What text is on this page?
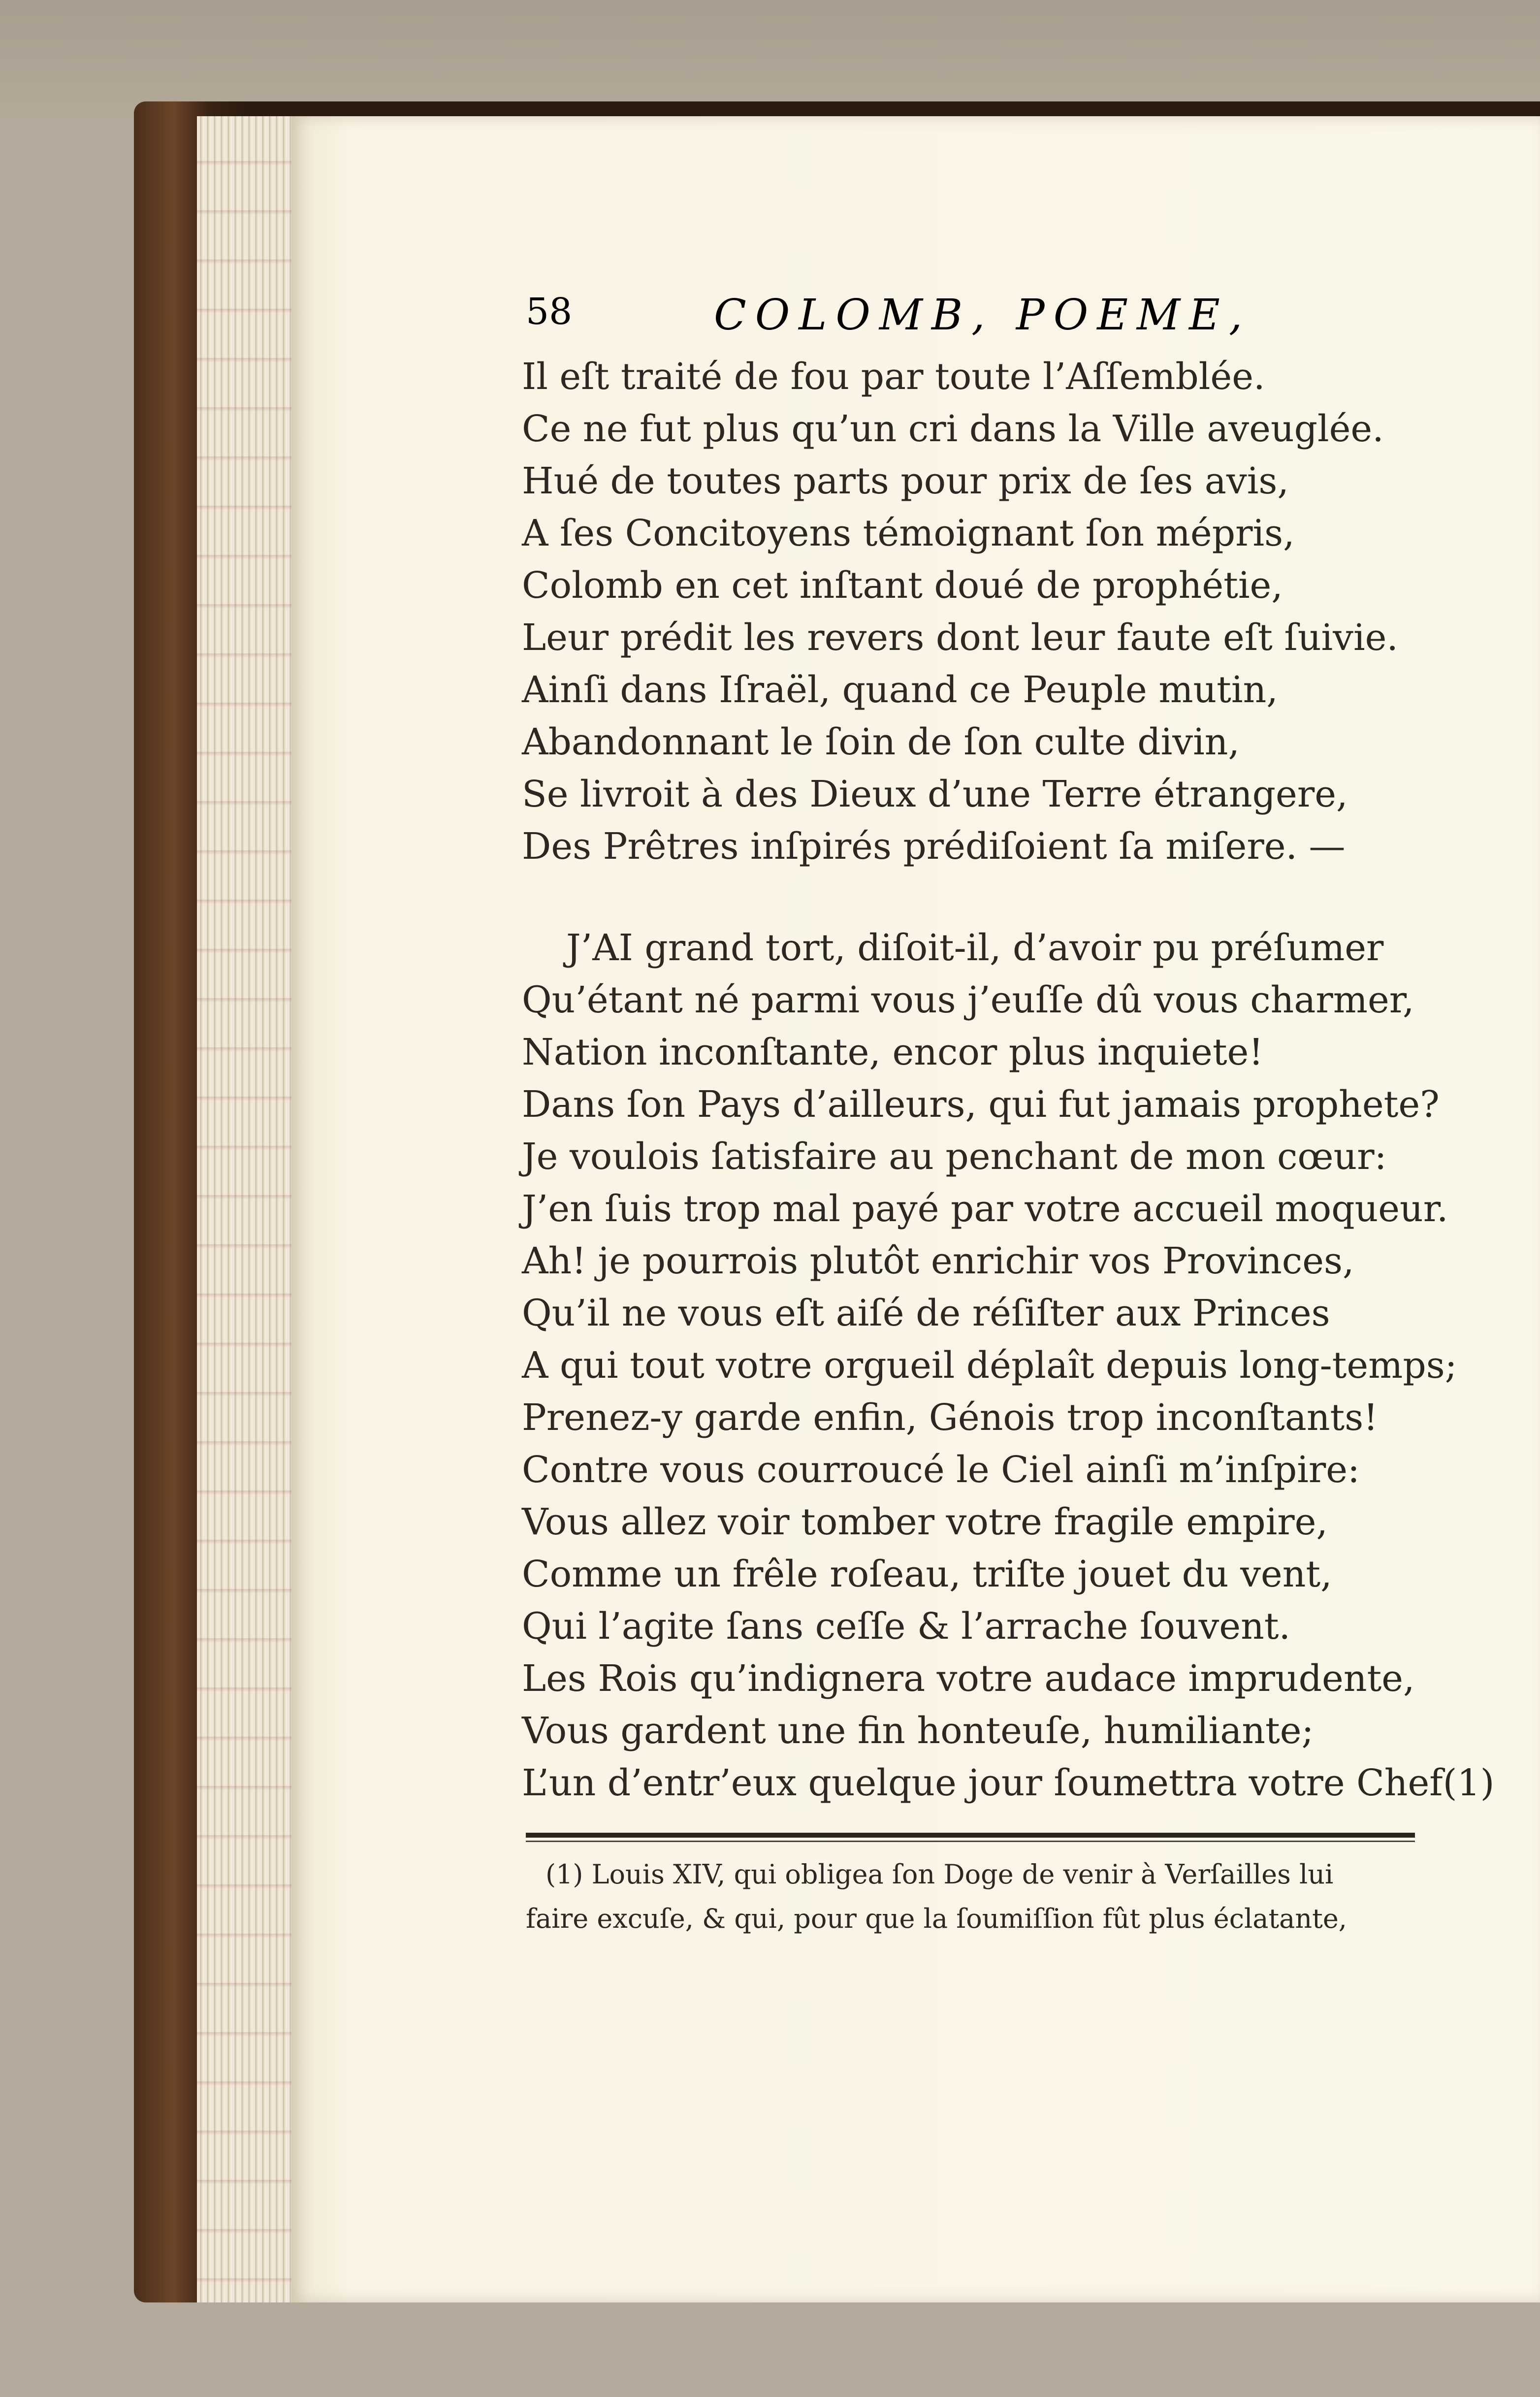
58	COLOMB, POEME,
Il eſt traité de fou par toute l’Aſſemblée.
Ce ne fut plus qu’un cri dans la Ville aveuglée.
Hué de toutes parts pour prix de ſes avis,
A ſes Concitoyens témoignant ſon mépris,
Colomb en cet inſtant doué de prophétie,
Leur prédit les revers dont leur faute eſt ſuivie.
Ainſi dans Iſraël, quand ce Peuple mutin,
Abandonnant le ſoin de ſon culte divin,
Se livroit à des Dieux d’une Terre étrangere,
Des Prêtres inſpirés prédiſoient ſa miſere. —
J’AI grand tort, diſoit-il, d’avoir pu préſumer
Qu’étant né parmi vous j’euſſe dû vous charmer,
Nation inconſtante, encor plus inquiete!
Dans ſon Pays d’ailleurs, qui fut jamais prophete?
Je voulois ſatisfaire au penchant de mon cœur:
J’en ſuis trop mal payé par votre accueil moqueur.
Ah! je pourrois plutôt enrichir vos Provinces,
Qu’il ne vous eſt aiſé de réſiſter aux Princes
A qui tout votre orgueil déplaît depuis long-temps;
Prenez-y garde enfin, Génois trop inconſtants!
Contre vous courroucé le Ciel ainſi m’inſpire:
Vous allez voir tomber votre fragile empire,
Comme un frêle roſeau, triſte jouet du vent,
Qui l’agite ſans ceſſe & l’arrache ſouvent.
Les Rois qu’indignera votre audace imprudente,
Vous gardent une fin honteuſe, humiliante;
L’un d’entr’eux quelque jour ſoumettra votre Chef(1)
(1) Louis XIV, qui obligea ſon Doge de venir à Verſailles lui
faire excuſe, & qui, pour que la ſoumiſſion fût plus éclatante,
